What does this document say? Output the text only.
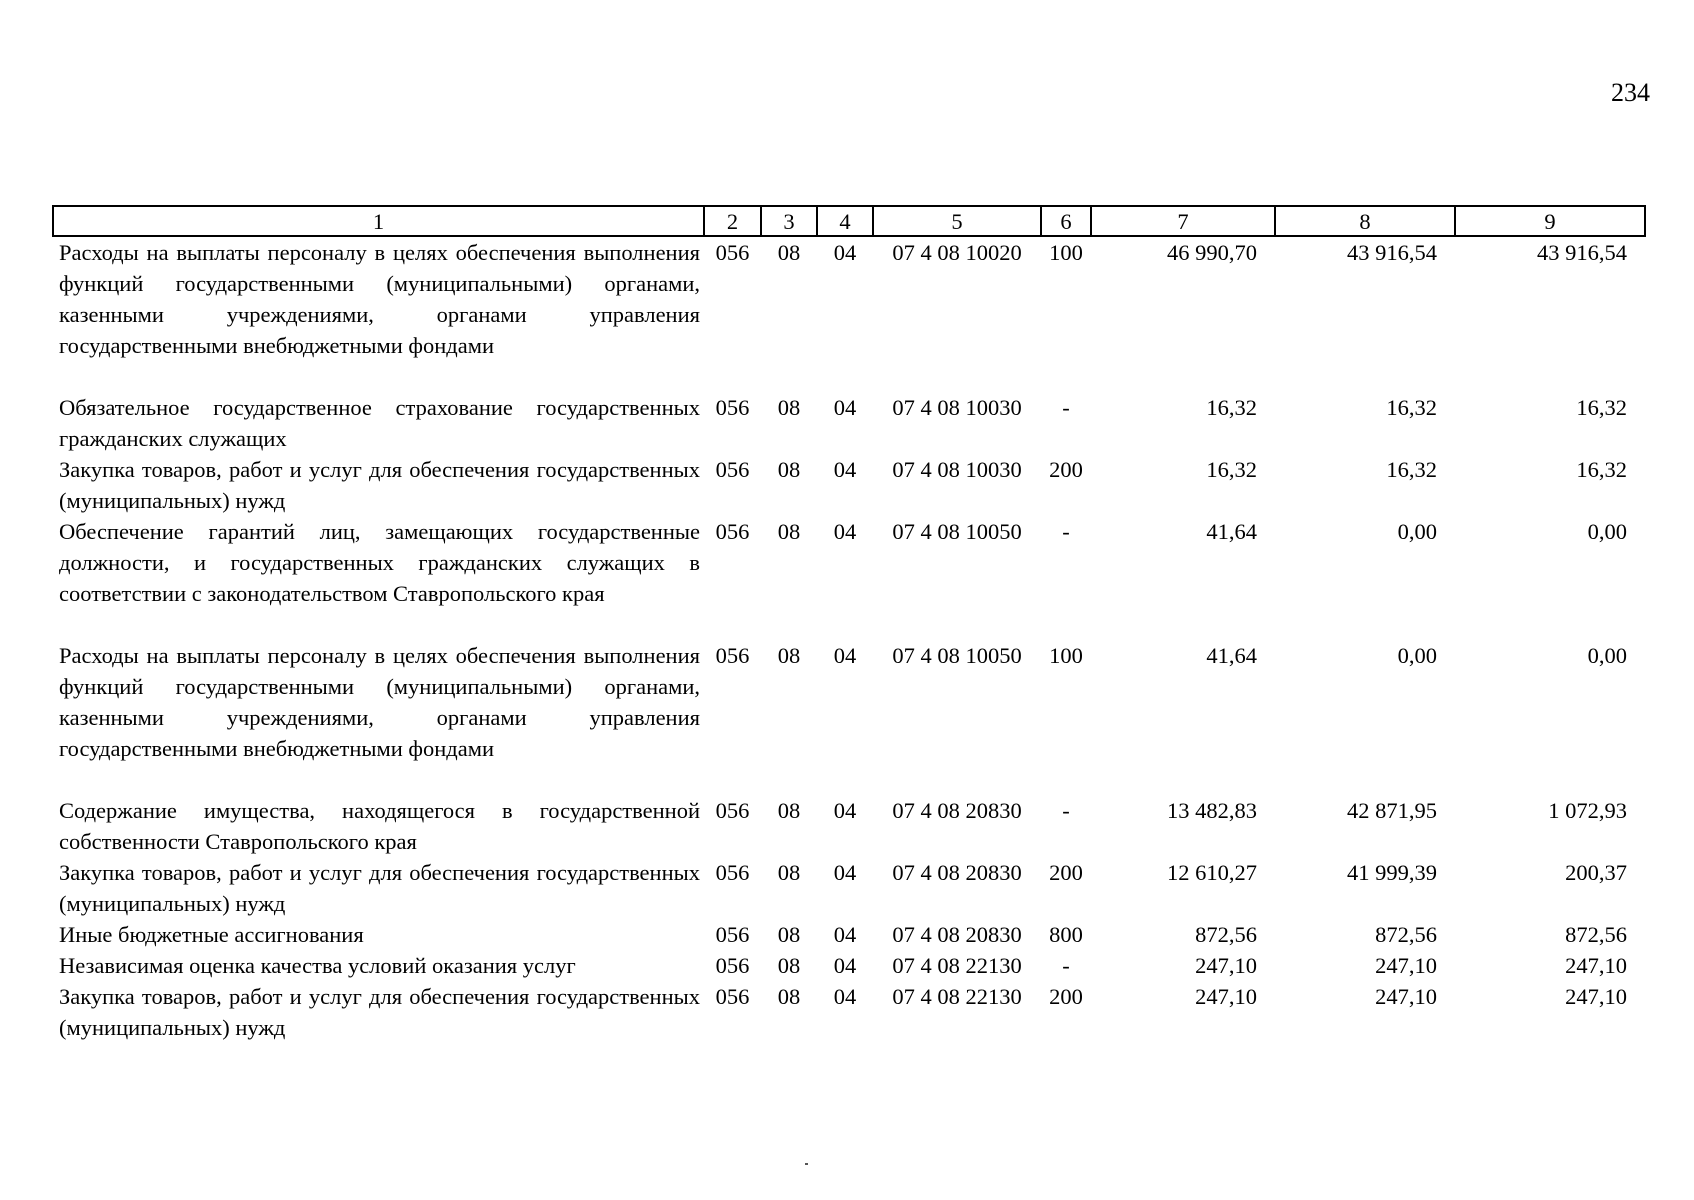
234
1	2	3	4	5	6	7	8	9
Расходы на выплаты персоналу в целях обеспечения выполнения функций государственными (муниципальными) органами, казенными учреждениями, органами управления государственными внебюджетными фондами	056	08	04	07 4 08 10020	100	46 990,70	43 916,54	43 916,54
Обязательное государственное страхование государственных гражданских служащих	056	08	04	07 4 08 10030	-	16,32	16,32	16,32
Закупка товаров, работ и услуг для обеспечения государственных (муниципальных) нужд	056	08	04	07 4 08 10030	200	16,32	16,32	16,32
Обеспечение гарантий лиц, замещающих государственные должности, и государственных гражданских служащих в соответствии с законодательством Ставропольского края	056	08	04	07 4 08 10050	-	41,64	0,00	0,00
Расходы на выплаты персоналу в целях обеспечения выполнения функций государственными (муниципальными) органами, казенными учреждениями, органами управления государственными внебюджетными фондами	056	08	04	07 4 08 10050	100	41,64	0,00	0,00
Содержание имущества, находящегося в государственной собственности Ставропольского края	056	08	04	07 4 08 20830	-	13 482,83	42 871,95	1 072,93
Закупка товаров, работ и услуг для обеспечения государственных (муниципальных) нужд	056	08	04	07 4 08 20830	200	12 610,27	41 999,39	200,37
Иные бюджетные ассигнования	056	08	04	07 4 08 20830	800	872,56	872,56	872,56
Независимая оценка качества условий оказания услуг	056	08	04	07 4 08 22130	-	247,10	247,10	247,10
Закупка товаров, работ и услуг для обеспечения государственных (муниципальных) нужд	056	08	04	07 4 08 22130	200	247,10	247,10	247,10
